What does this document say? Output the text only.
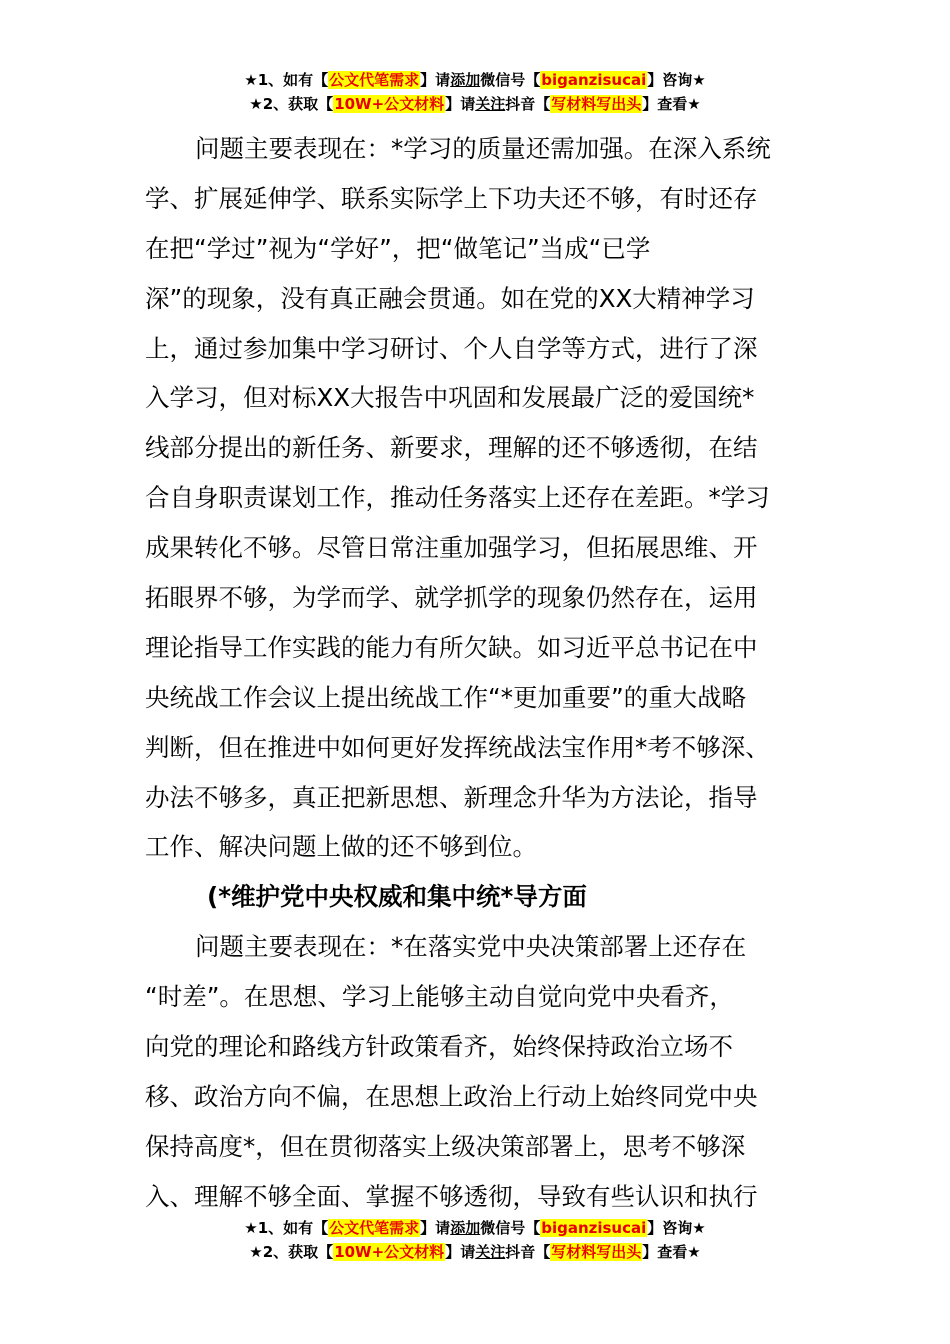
★1、如有【公文代笔需求】请添加微信号【biganzisucai】咨询★
★2、获取【10W+公文材料】请关注抖音【写材料写出头】查看★
问题主要表现在：*学习的质量还需加强。在深入系统
学、扩展延伸学、联系实际学上下功夫还不够，有时还存
在把“学过”视为“学好”，把“做笔记”当成“已学
深”的现象，没有真正融会贯通。如在党的XX大精神学习
上，通过参加集中学习研讨、个人自学等方式，进行了深
入学习，但对标XX大报告中巩固和发展最广泛的爱国统*
线部分提出的新任务、新要求，理解的还不够透彻，在结
合自身职责谋划工作，推动任务落实上还存在差距。*学习
成果转化不够。尽管日常注重加强学习，但拓展思维、开
拓眼界不够，为学而学、就学抓学的现象仍然存在，运用
理论指导工作实践的能力有所欠缺。如习近平总书记在中
央统战工作会议上提出统战工作“*更加重要”的重大战略
判断，但在推进中如何更好发挥统战法宝作用*考不够深、
办法不够多，真正把新思想、新理念升华为方法论，指导
工作、解决问题上做的还不够到位。
(*维护党中央权威和集中统*导方面
问题主要表现在：*在落实党中央决策部署上还存在
“时差”。在思想、学习上能够主动自觉向党中央看齐，
向党的理论和路线方针政策看齐，始终保持政治立场不
移、政治方向不偏，在思想上政治上行动上始终同党中央
保持高度*，但在贯彻落实上级决策部署上，思考不够深
入、理解不够全面、掌握不够透彻，导致有些认识和执行
★1、如有【公文代笔需求】请添加微信号【biganzisucai】咨询★
★2、获取【10W+公文材料】请关注抖音【写材料写出头】查看★
